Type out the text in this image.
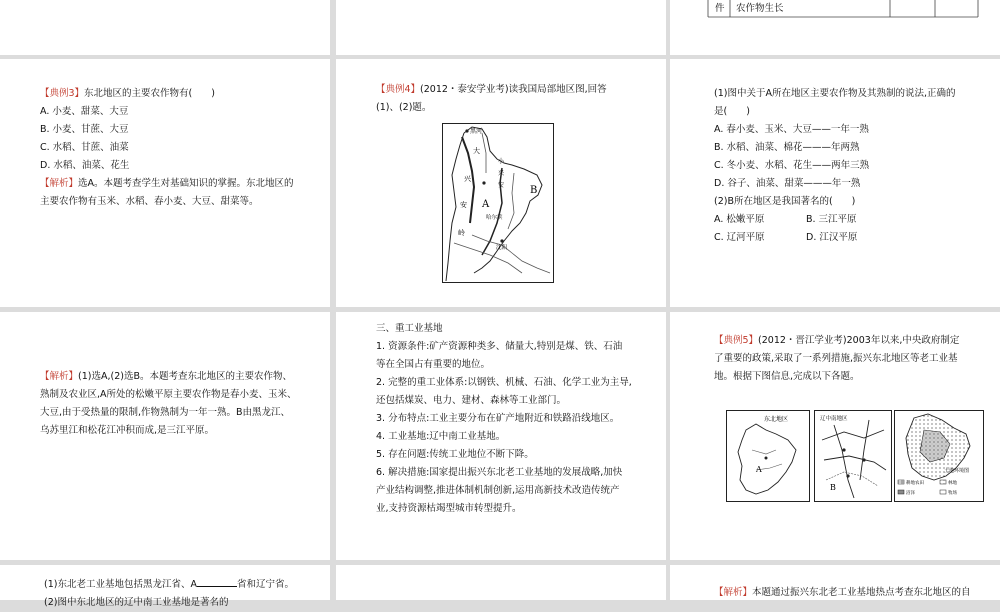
件 农作物生长
【典例3】东北地区的主要农作物有(　　)
A. 小麦、甜菜、大豆
B. 小麦、甘蔗、大豆
C. 水稻、甘蔗、油菜
D. 水稻、油菜、花生
【解析】选A。本题考查学生对基础知识的掌握。东北地区的
主要农作物有玉米、水稻、春小麦、大豆、甜菜等。
【典例4】(2012・泰安学业考)读我国局部地区图,回答
(1)、(2)题。
黑河
大
兴
安
岭
小
兴
安
A
B
哈尔滨
沈阳
(1)图中关于A所在地区主要农作物及其熟制的说法,正确的
是(　　)
A. 春小麦、玉米、大豆——一年一熟
B. 水稻、油菜、棉花———年两熟
C. 冬小麦、水稻、花生——两年三熟
D. 谷子、油菜、甜菜———年一熟
(2)B所在地区是我国著名的(　　)
A. 松嫩平原	B. 三江平原
C. 辽河平原	D. 江汉平原
【解析】(1)选A,(2)选B。本题考查东北地区的主要农作物、
熟制及农业区,A所处的松嫩平原主要农作物是春小麦、玉米、
大豆,由于受热量的限制,作物熟制为一年一熟。B由黑龙江、
乌苏里江和松花江冲积而成,是三江平原。
三、重工业基地
1. 资源条件:矿产资源种类多、储量大,特别是煤、铁、石油
等在全国占有重要的地位。
2. 完整的重工业体系:以钢铁、机械、石油、化学工业为主导,
还包括煤炭、电力、建材、森林等工业部门。
3. 分布特点:工业主要分布在矿产地附近和铁路沿线地区。
4. 工业基地:辽中南工业基地。
5. 存在问题:传统工业地位不断下降。
6. 解决措施:国家提出振兴东北老工业基地的发展战略,加快
产业结构调整,推进体制机制创新,运用高新技术改造传统产
业,支持资源枯竭型城市转型提升。
【典例5】(2012・晋江学业考)2003年以来,中央政府制定
了重要的政策,采取了一系列措施,振兴东北地区等老工业基
地。根据下图信息,完成以下各题。
A
东北地区
B
辽中南地区
土地环境图
耕地农田	林地
沼泽	牧场
(1)东北老工业基地包括黑龙江省、A	省和辽宁省。
(2)图中东北地区的辽中南工业基地是著名的
【解析】本题通过振兴东北老工业基地热点考查东北地区的自
